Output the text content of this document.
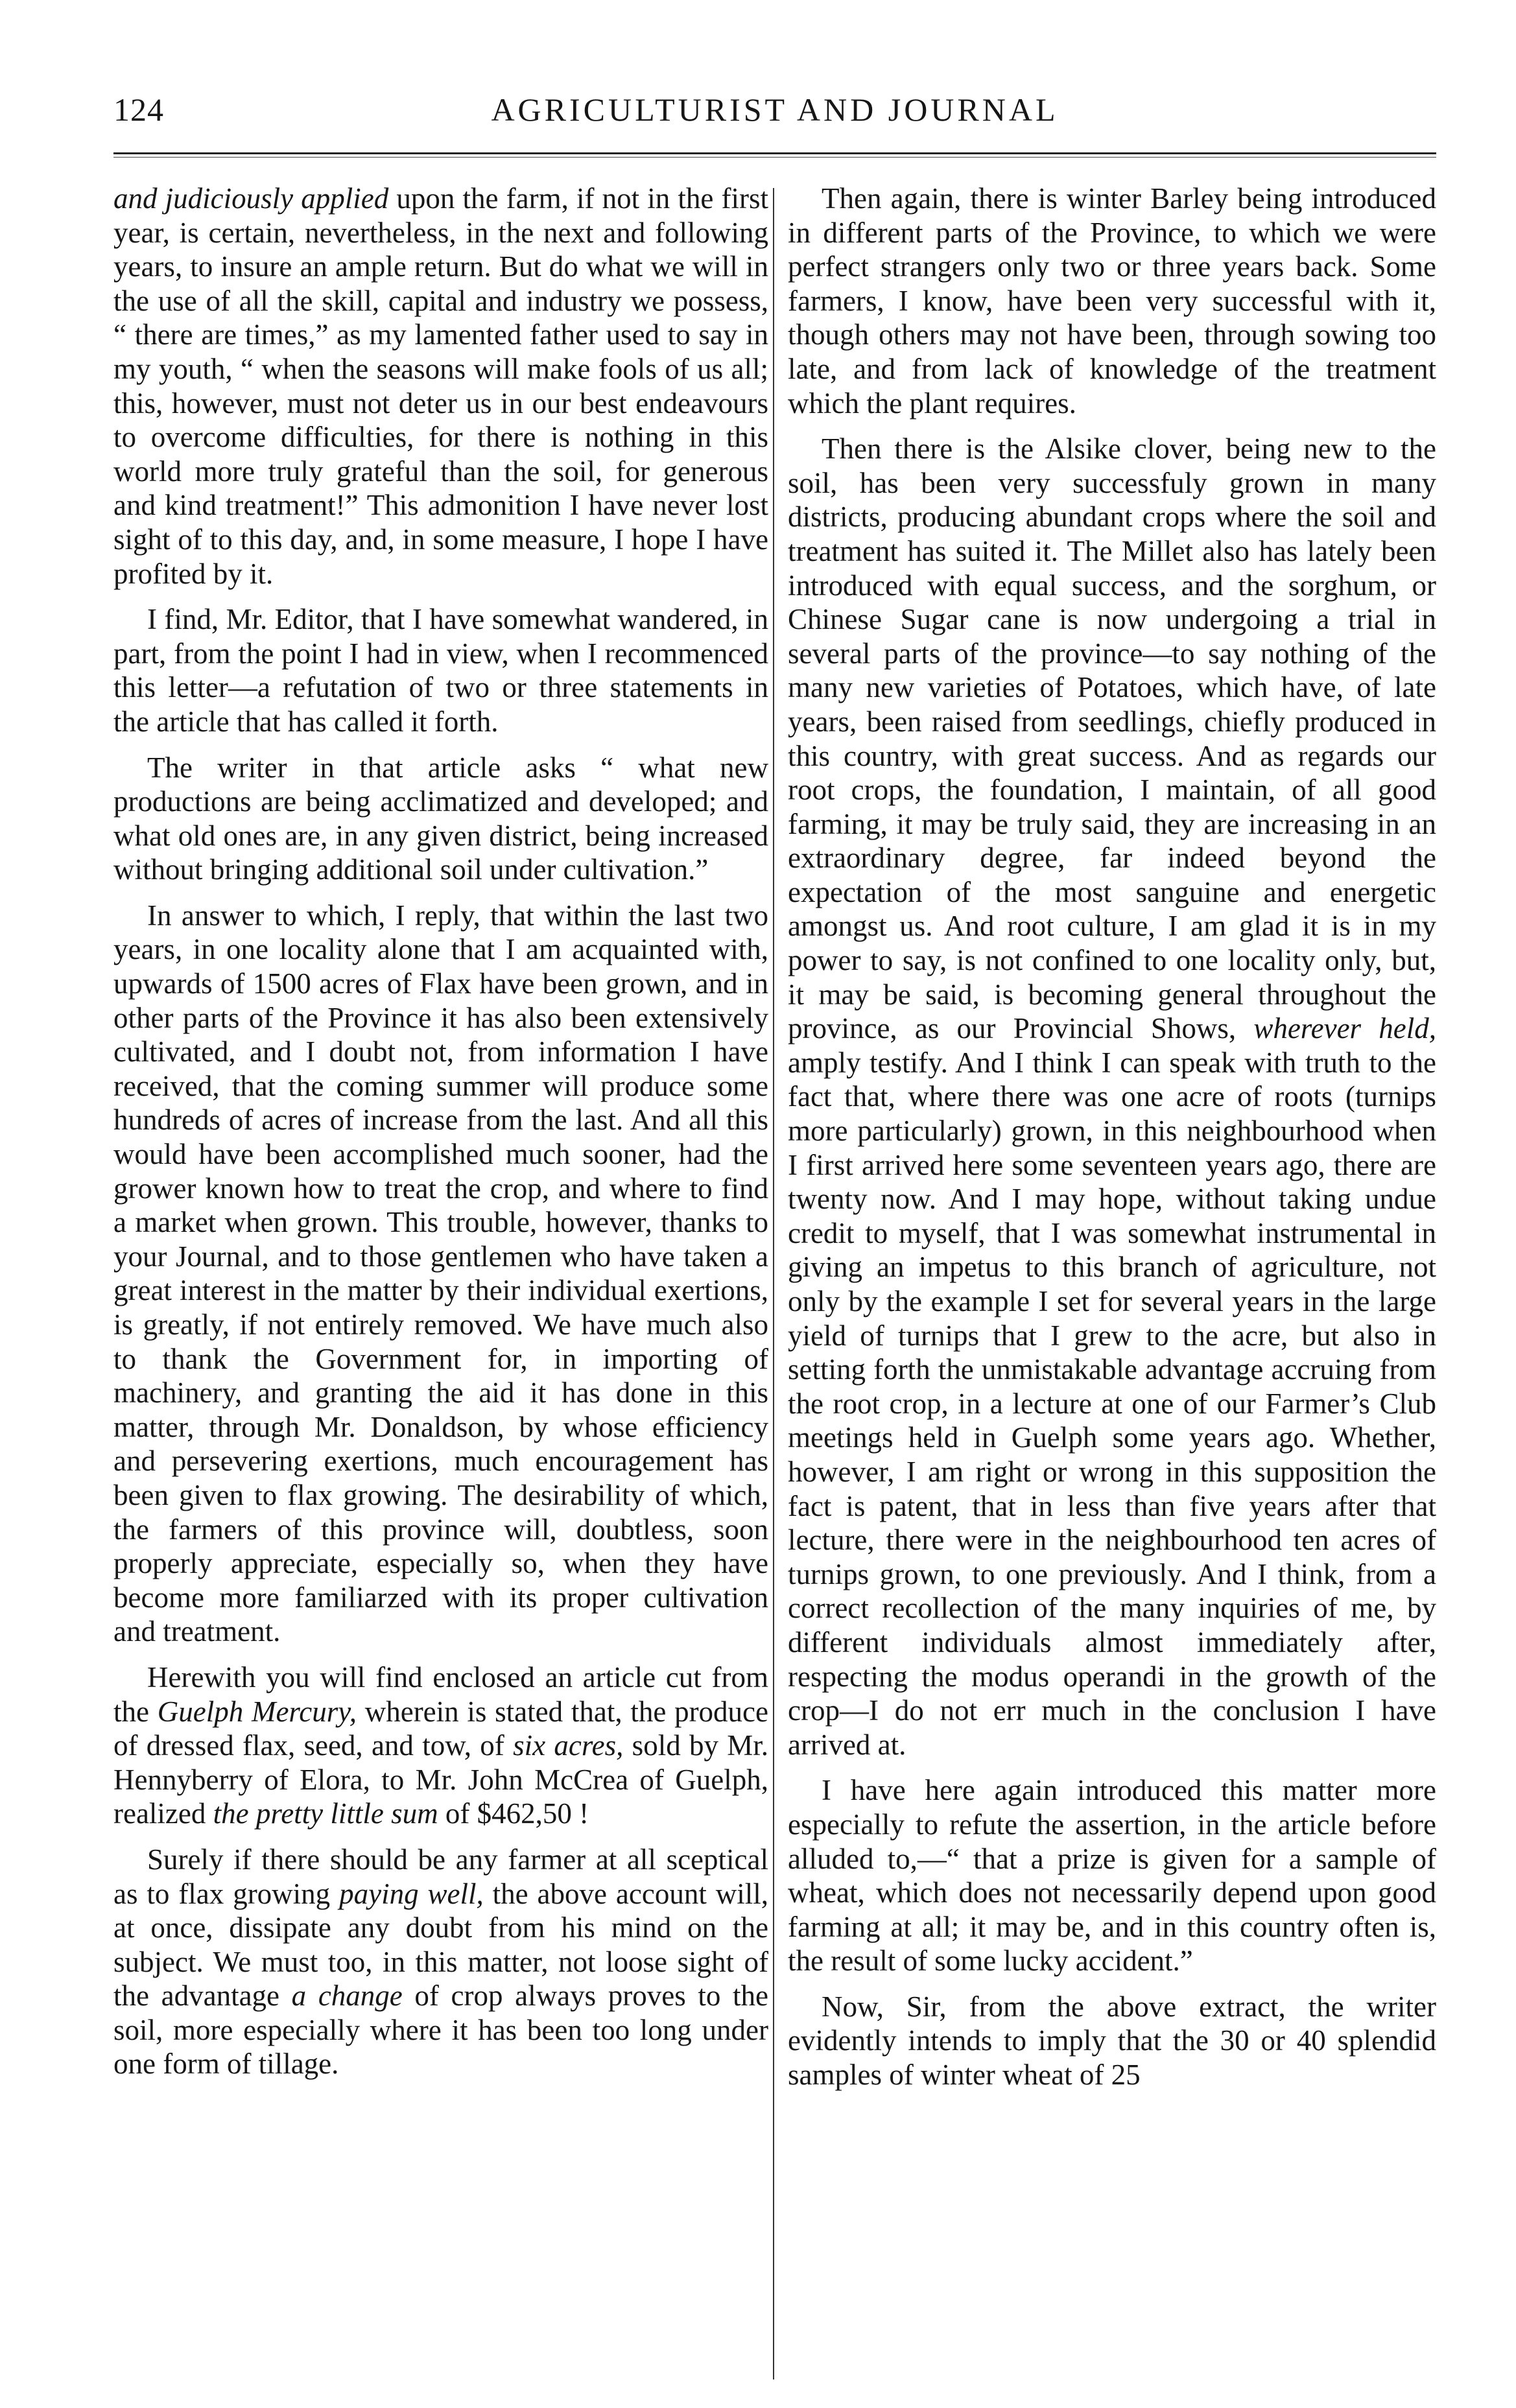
124	AGRICULTURIST AND JOURNAL

and judiciously applied upon the farm, if not in the first year, is certain, nevertheless, in the next and following years, to insure an ample return. But do what we will in the use of all the skill, capital and industry we possess, “ there are times,” as my lamented father used to say in my youth, “ when the seasons will make fools of us all; this, however, must not deter us in our best endeavours to overcome difficulties, for there is nothing in this world more truly grateful than the soil, for generous and kind treatment!” This admonition I have never lost sight of to this day, and, in some measure, I hope I have profited by it.

I find, Mr. Editor, that I have somewhat wandered, in part, from the point I had in view, when I recommenced this letter—a refutation of two or three statements in the article that has called it forth.

The writer in that article asks “ what new productions are being acclimatized and developed; and what old ones are, in any given district, being increased without bringing additional soil under cultivation.”

In answer to which, I reply, that within the last two years, in one locality alone that I am acquainted with, upwards of 1500 acres of Flax have been grown, and in other parts of the Province it has also been extensively cultivated, and I doubt not, from information I have received, that the coming summer will produce some hundreds of acres of increase from the last. And all this would have been accomplished much sooner, had the grower known how to treat the crop, and where to find a market when grown. This trouble, however, thanks to your Journal, and to those gentlemen who have taken a great interest in the matter by their individual exertions, is greatly, if not entirely removed. We have much also to thank the Government for, in importing of machinery, and granting the aid it has done in this matter, through Mr. Donaldson, by whose efficiency and persevering exertions, much encouragement has been given to flax growing. The desirability of which, the farmers of this province will, doubtless, soon properly appreciate, especially so, when they have become more familiarzed with its proper cultivation and treatment.

Herewith you will find enclosed an article cut from the Guelph Mercury, wherein is stated that, the produce of dressed flax, seed, and tow, of six acres, sold by Mr. Hennyberry of Elora, to Mr. John McCrea of Guelph, realized the pretty little sum of $462,50 !

Surely if there should be any farmer at all sceptical as to flax growing paying well, the above account will, at once, dissipate any doubt from his mind on the subject. We must too, in this matter, not loose sight of the advantage a change of crop always proves to the soil, more especially where it has been too long under one form of tillage.

Then again, there is winter Barley being introduced in different parts of the Province, to which we were perfect strangers only two or three years back. Some farmers, I know, have been very successful with it, though others may not have been, through sowing too late, and from lack of knowledge of the treatment which the plant requires.

Then there is the Alsike clover, being new to the soil, has been very successfuly grown in many districts, producing abundant crops where the soil and treatment has suited it. The Millet also has lately been introduced with equal success, and the sorghum, or Chinese Sugar cane is now undergoing a trial in several parts of the province—to say nothing of the many new varieties of Potatoes, which have, of late years, been raised from seedlings, chiefly produced in this country, with great success. And as regards our root crops, the foundation, I maintain, of all good farming, it may be truly said, they are increasing in an extraordinary degree, far indeed beyond the expectation of the most sanguine and energetic amongst us. And root culture, I am glad it is in my power to say, is not confined to one locality only, but, it may be said, is becoming general throughout the province, as our Provincial Shows, wherever held, amply testify. And I think I can speak with truth to the fact that, where there was one acre of roots (turnips more particularly) grown, in this neighbourhood when I first arrived here some seventeen years ago, there are twenty now. And I may hope, without taking undue credit to myself, that I was somewhat instrumental in giving an impetus to this branch of agriculture, not only by the example I set for several years in the large yield of turnips that I grew to the acre, but also in setting forth the unmistakable advantage accruing from the root crop, in a lecture at one of our Farmer’s Club meetings held in Guelph some years ago. Whether, however, I am right or wrong in this supposition the fact is patent, that in less than five years after that lecture, there were in the neighbourhood ten acres of turnips grown, to one previously. And I think, from a correct recollection of the many inquiries of me, by different individuals almost immediately after, respecting the modus operandi in the growth of the crop—I do not err much in the conclusion I have arrived at.

I have here again introduced this matter more especially to refute the assertion, in the article before alluded to,—“ that a prize is given for a sample of wheat, which does not necessarily depend upon good farming at all; it may be, and in this country often is, the result of some lucky accident.”

Now, Sir, from the above extract, the writer evidently intends to imply that the 30 or 40 splendid samples of winter wheat of 25
